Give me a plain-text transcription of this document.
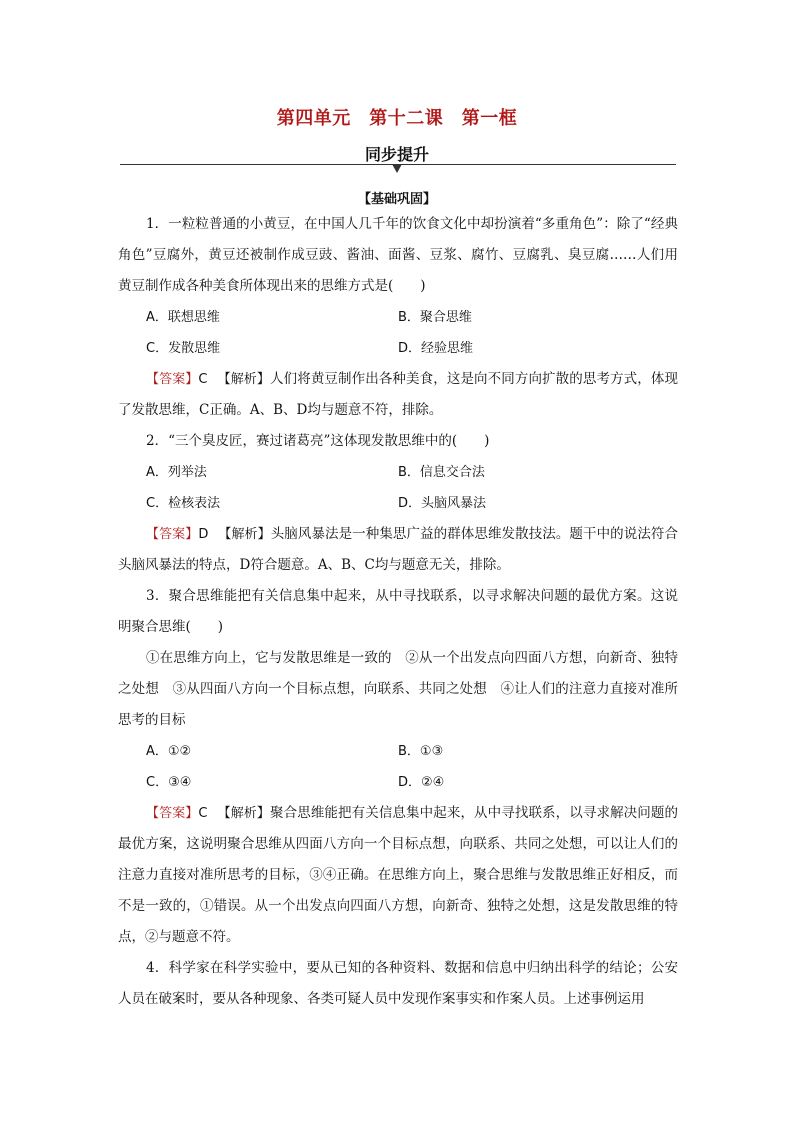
第四单元　第十二课　第一框
同步提升
【基础巩固】

1．一粒粒普通的小黄豆，在中国人几千年的饮食文化中却扮演着“多重角色”：除了“经典角色”豆腐外，黄豆还被制作成豆豉、酱油、面酱、豆浆、腐竹、豆腐乳、臭豆腐……人们用黄豆制作成各种美食所体现出来的思维方式是(　　)

A．联想思维	B．聚合思维
C．发散思维	D．经验思维

【答案】C 【解析】人们将黄豆制作出各种美食，这是向不同方向扩散的思考方式，体现了发散思维，C正确。A、B、D均与题意不符，排除。

2．“三个臭皮匠，赛过诸葛亮”这体现发散思维中的(　　)

A．列举法	B．信息交合法
C．检核表法	D．头脑风暴法

【答案】D 【解析】头脑风暴法是一种集思广益的群体思维发散技法。题干中的说法符合头脑风暴法的特点，D符合题意。A、B、C均与题意无关，排除。

3．聚合思维能把有关信息集中起来，从中寻找联系，以寻求解决问题的最优方案。这说明聚合思维(　　)

①在思维方向上，它与发散思维是一致的　②从一个出发点向四面八方想，向新奇、独特之处想　③从四面八方向一个目标点想，向联系、共同之处想　④让人们的注意力直接对准所思考的目标

A．①②	B．①③
C．③④	D．②④

【答案】C 【解析】聚合思维能把有关信息集中起来，从中寻找联系，以寻求解决问题的最优方案，这说明聚合思维从四面八方向一个目标点想，向联系、共同之处想，可以让人们的注意力直接对准所思考的目标，③④正确。在思维方向上，聚合思维与发散思维正好相反，而不是一致的，①错误。从一个出发点向四面八方想，向新奇、独特之处想，这是发散思维的特点，②与题意不符。

4．科学家在科学实验中，要从已知的各种资料、数据和信息中归纳出科学的结论；公安人员在破案时，要从各种现象、各类可疑人员中发现作案事实和作案人员。上述事例运用
